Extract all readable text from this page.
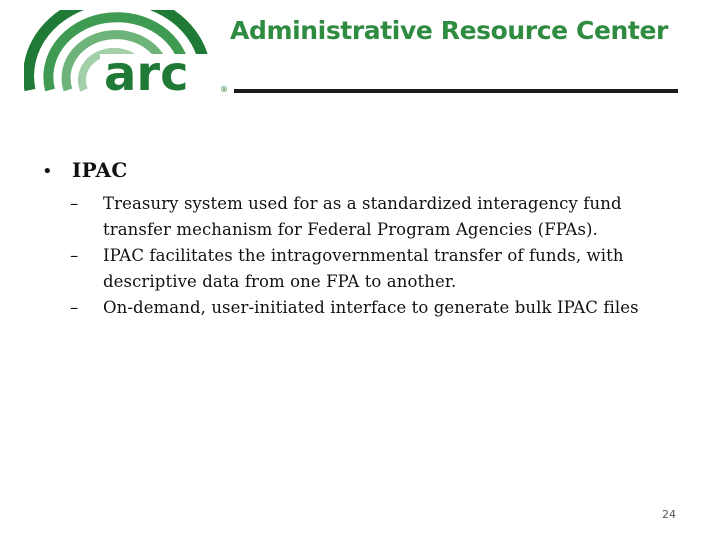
arc	®
Administrative Resource Center
• IPAC
–	Treasury system used for as a standardized interagency fund transfer mechanism for Federal Program Agencies (FPAs).
–	IPAC facilitates the intragovernmental transfer of funds, with descriptive data from one FPA to another.
–	On-demand, user-initiated interface to generate bulk IPAC files
24
